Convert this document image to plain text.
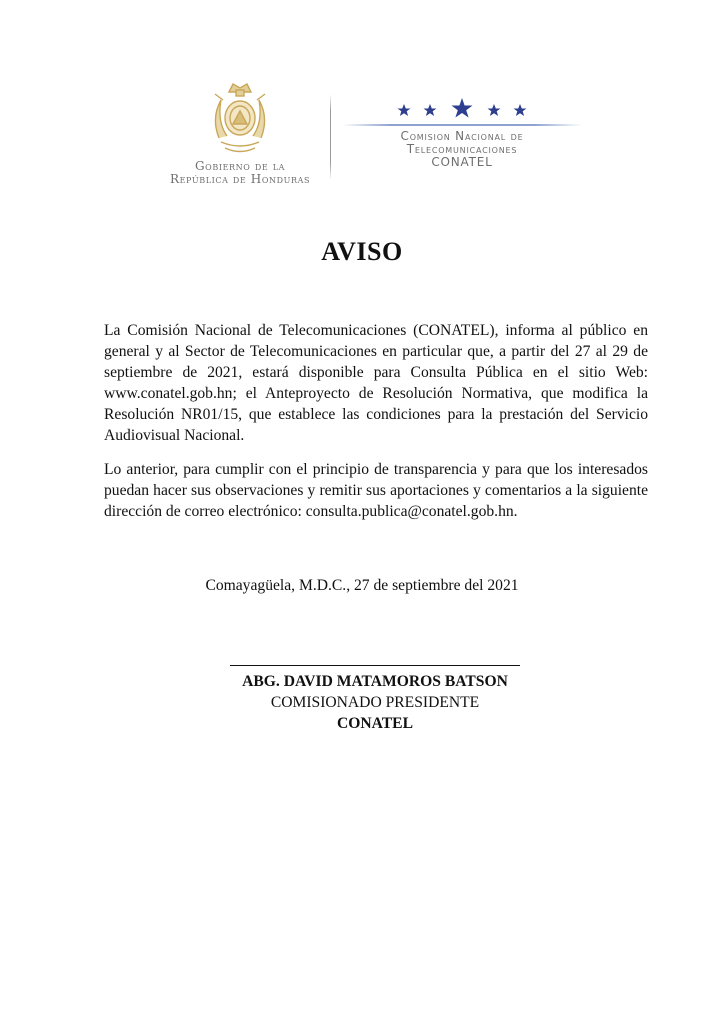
Gobierno de la
República de Honduras
Comision Nacional de
Telecomunicaciones
CONATEL
AVISO

La Comisión Nacional de Telecomunicaciones (CONATEL), informa al público en general y al Sector de Telecomunicaciones en particular que, a partir del 27 al 29 de septiembre de 2021, estará disponible para Consulta Pública en el sitio Web: www.conatel.gob.hn; el Anteproyecto de Resolución Normativa, que modifica la Resolución NR01/15, que establece las condiciones para la prestación del Servicio Audiovisual Nacional.

Lo anterior, para cumplir con el principio de transparencia y para que los interesados puedan hacer sus observaciones y remitir sus aportaciones y comentarios a la siguiente dirección de correo electrónico: consulta.publica@conatel.gob.hn.

Comayagüela, M.D.C., 27 de septiembre del 2021
ABG. DAVID MATAMOROS BATSON
COMISIONADO PRESIDENTE
CONATEL
